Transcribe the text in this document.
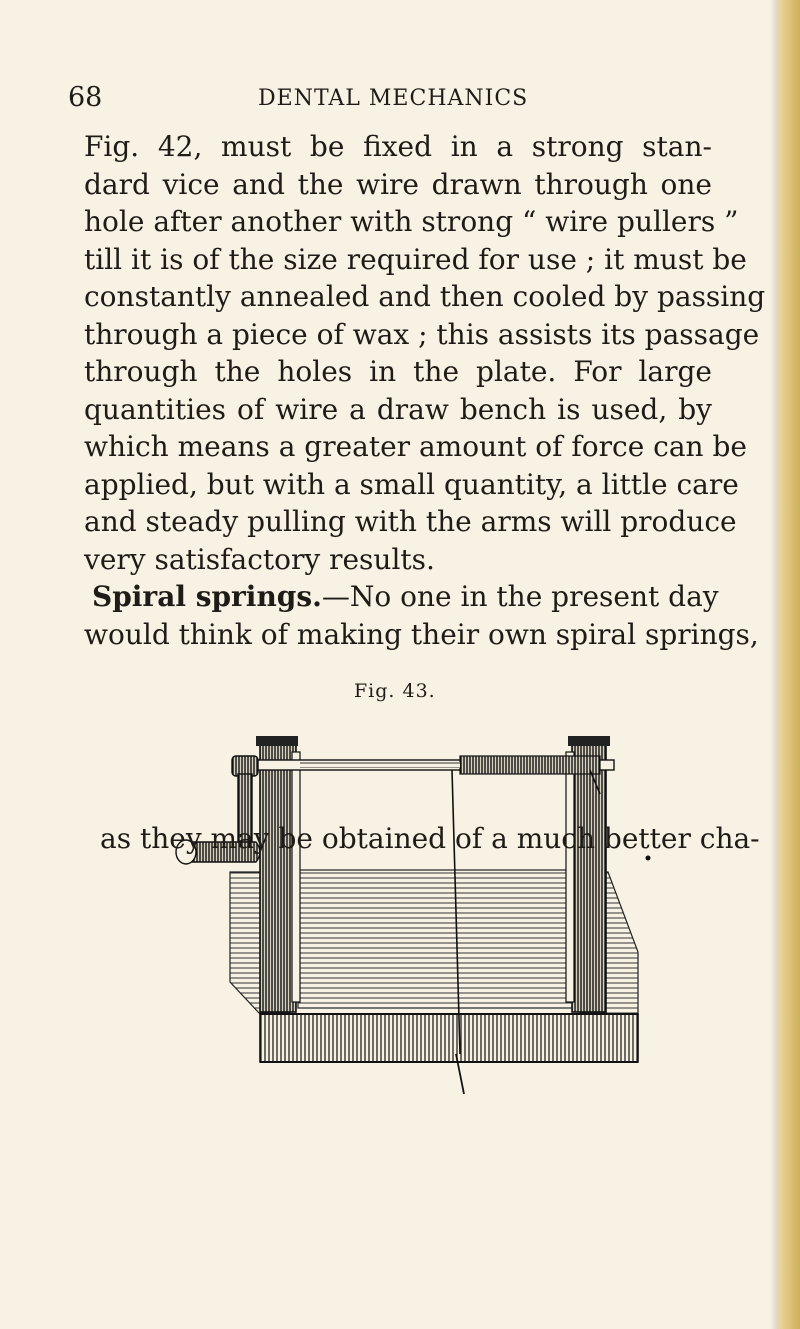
68	DENTAL MECHANICS
Fig. 42, must be fixed in a strong stan-
dard vice and the wire drawn through one
hole after another with strong “ wire pullers ”
till it is of the size required for use ; it must be
constantly annealed and then cooled by passing
through a piece of wax ; this assists its passage
through the holes in the plate. For large
quantities of wire a draw bench is used, by
which means a greater amount of force can be
applied, but with a small quantity, a little care
and steady pulling with the arms will produce
very satisfactory results.
Spiral springs.—No one in the present day
would think of making their own spiral springs,
Fig. 43.
as they may be obtained of a much better cha-
